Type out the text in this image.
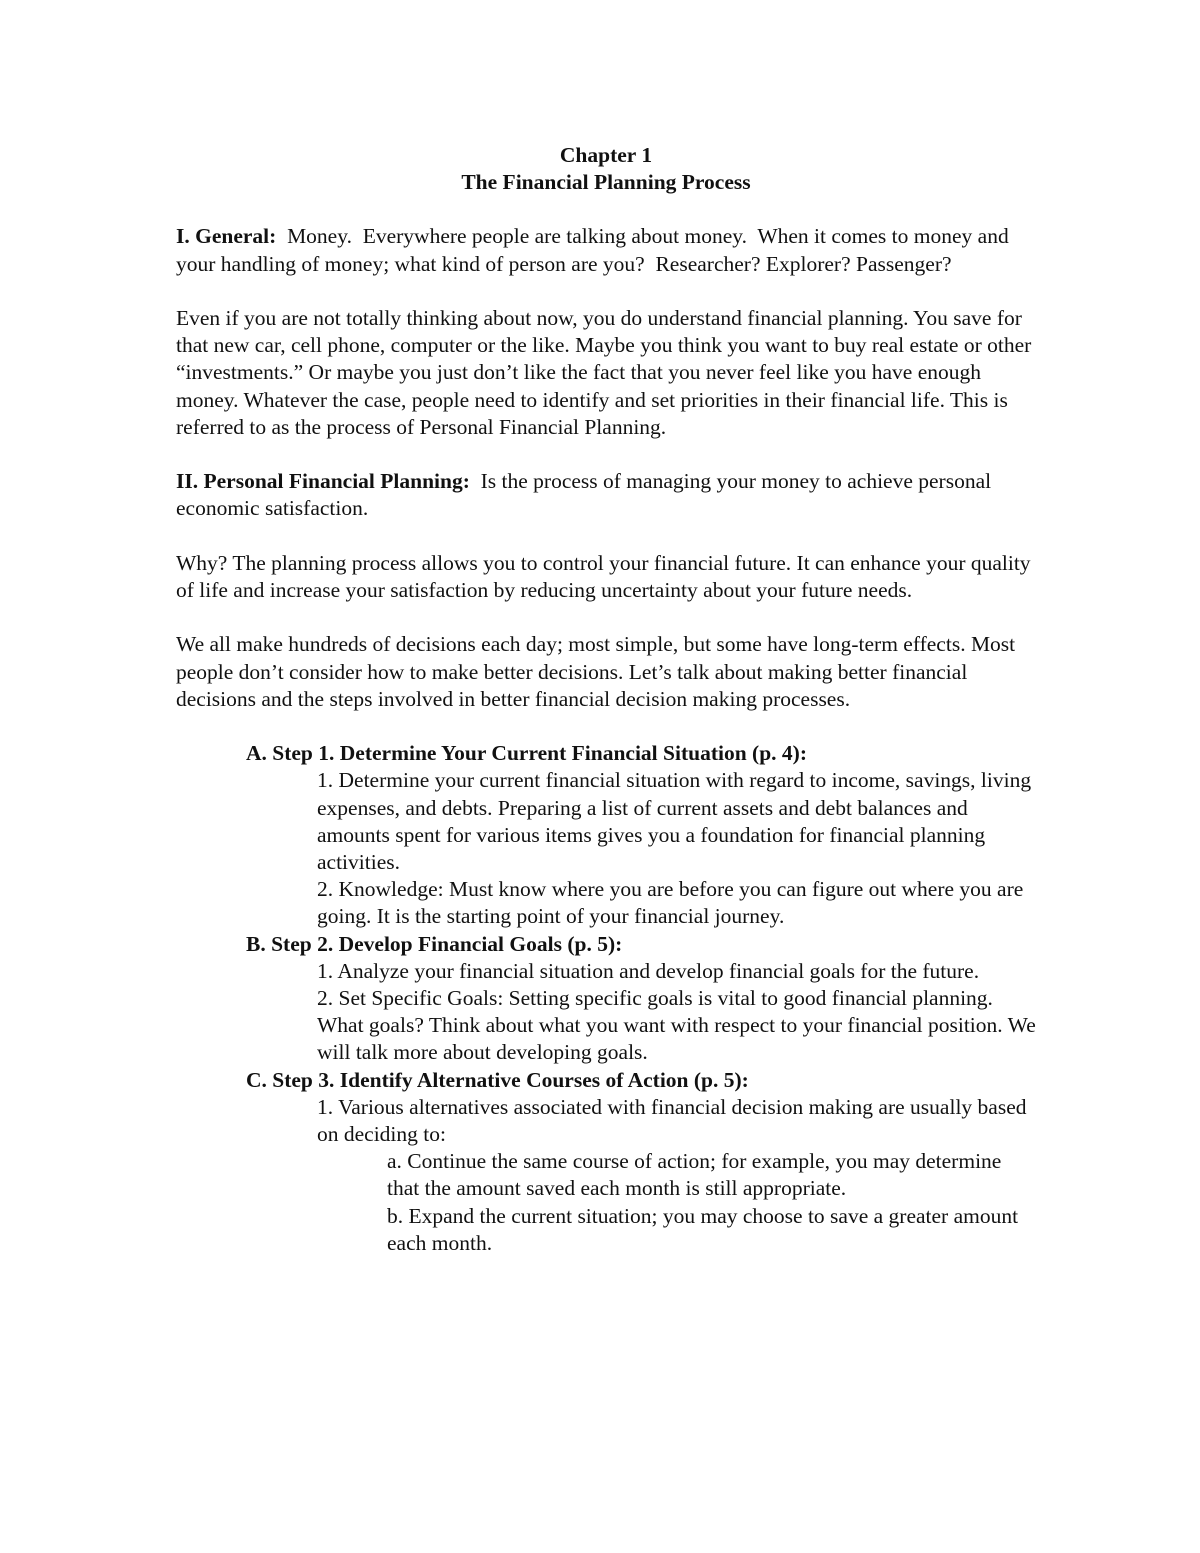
Chapter 1
The Financial Planning Process

I. General:  Money.  Everywhere people are talking about money.  When it comes to money and your handling of money; what kind of person are you?  Researcher? Explorer? Passenger?

Even if you are not totally thinking about now, you do understand financial planning. You save for that new car, cell phone, computer or the like. Maybe you think you want to buy real estate or other “investments.” Or maybe you just don’t like the fact that you never feel like you have enough money. Whatever the case, people need to identify and set priorities in their financial life. This is referred to as the process of Personal Financial Planning.

II. Personal Financial Planning:  Is the process of managing your money to achieve personal economic satisfaction.

Why? The planning process allows you to control your financial future. It can enhance your quality of life and increase your satisfaction by reducing uncertainty about your future needs.

We all make hundreds of decisions each day; most simple, but some have long-term effects. Most people don’t consider how to make better decisions. Let’s talk about making better financial decisions and the steps involved in better financial decision making processes.

A. Step 1. Determine Your Current Financial Situation (p. 4):
1. Determine your current financial situation with regard to income, savings, living expenses, and debts. Preparing a list of current assets and debt balances and amounts spent for various items gives you a foundation for financial planning activities.
2. Knowledge: Must know where you are before you can figure out where you are going. It is the starting point of your financial journey.
B. Step 2. Develop Financial Goals (p. 5):
1. Analyze your financial situation and develop financial goals for the future.
2. Set Specific Goals: Setting specific goals is vital to good financial planning. What goals? Think about what you want with respect to your financial position. We will talk more about developing goals.
C. Step 3. Identify Alternative Courses of Action (p. 5):
1. Various alternatives associated with financial decision making are usually based on deciding to:
a. Continue the same course of action; for example, you may determine that the amount saved each month is still appropriate.
b. Expand the current situation; you may choose to save a greater amount each month.
